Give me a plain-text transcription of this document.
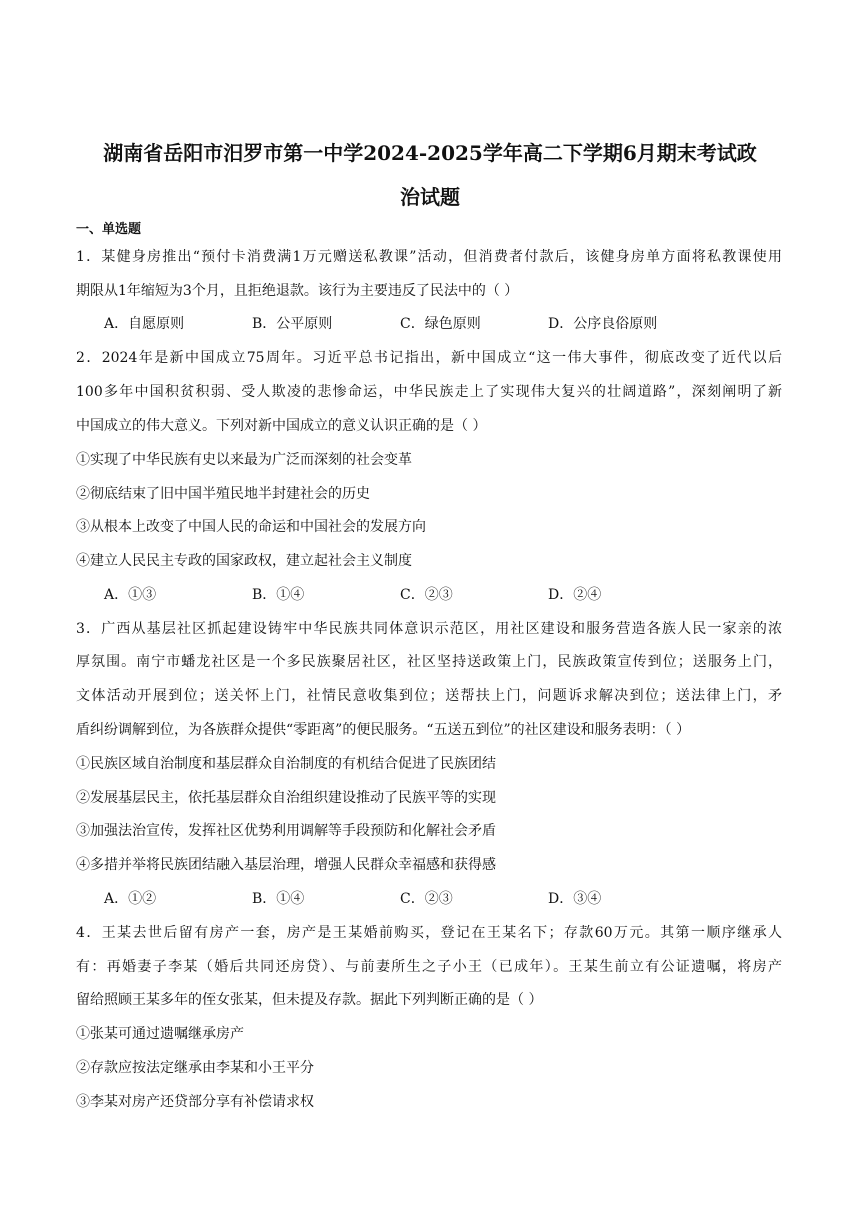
湖南省岳阳市汨罗市第一中学2024-2025学年高二下学期6月期末考试政
治试题
一、单选题
1．某健身房推出“预付卡消费满1万元赠送私教课”活动，但消费者付款后，该健身房单方面将私教课使用
期限从1年缩短为3个月，且拒绝退款。该行为主要违反了民法中的（ ）
A．自愿原则	B．公平原则	C．绿色原则	D．公序良俗原则
2．2024年是新中国成立75周年。习近平总书记指出，新中国成立“这一伟大事件，彻底改变了近代以后
100多年中国积贫积弱、受人欺凌的悲惨命运，中华民族走上了实现伟大复兴的壮阔道路”，深刻阐明了新
中国成立的伟大意义。下列对新中国成立的意义认识正确的是（ ）
①实现了中华民族有史以来最为广泛而深刻的社会变革
②彻底结束了旧中国半殖民地半封建社会的历史
③从根本上改变了中国人民的命运和中国社会的发展方向
④建立人民民主专政的国家政权，建立起社会主义制度
A．①③	B．①④	C．②③	D．②④
3．广西从基层社区抓起建设铸牢中华民族共同体意识示范区，用社区建设和服务营造各族人民一家亲的浓
厚氛围。南宁市蟠龙社区是一个多民族聚居社区，社区坚持送政策上门，民族政策宣传到位；送服务上门，
文体活动开展到位；送关怀上门，社情民意收集到位；送帮扶上门，问题诉求解决到位；送法律上门，矛
盾纠纷调解到位，为各族群众提供“零距离”的便民服务。“五送五到位”的社区建设和服务表明：（ ）
①民族区域自治制度和基层群众自治制度的有机结合促进了民族团结
②发展基层民主，依托基层群众自治组织建设推动了民族平等的实现
③加强法治宣传，发挥社区优势利用调解等手段预防和化解社会矛盾
④多措并举将民族团结融入基层治理，增强人民群众幸福感和获得感
A．①②	B．①④	C．②③	D．③④
4．王某去世后留有房产一套，房产是王某婚前购买，登记在王某名下；存款60万元。其第一顺序继承人
有：再婚妻子李某（婚后共同还房贷）、与前妻所生之子小王（已成年）。王某生前立有公证遗嘱，将房产
留给照顾王某多年的侄女张某，但未提及存款。据此下列判断正确的是（ ）
①张某可通过遗嘱继承房产
②存款应按法定继承由李某和小王平分
③李某对房产还贷部分享有补偿请求权
